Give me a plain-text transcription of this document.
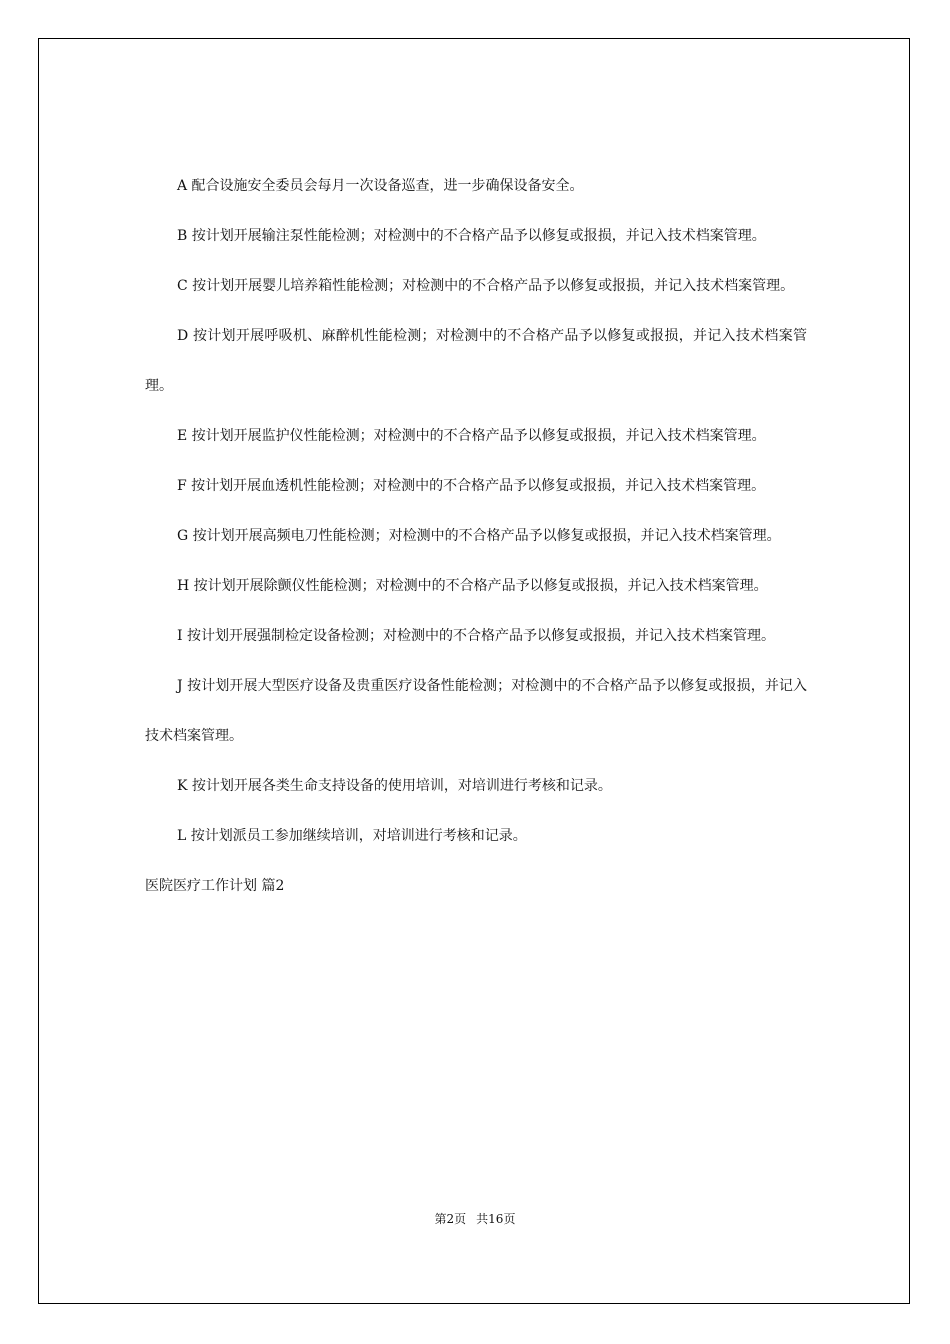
A 配合设施安全委员会每月一次设备巡查，进一步确保设备安全。

B 按计划开展输注泵性能检测；对检测中的不合格产品予以修复或报损，并记入技术档案管理。

C 按计划开展婴儿培养箱性能检测；对检测中的不合格产品予以修复或报损，并记入技术档案管理。

D 按计划开展呼吸机、麻醉机性能检测；对检测中的不合格产品予以修复或报损，并记入技术档案管理。

E 按计划开展监护仪性能检测；对检测中的不合格产品予以修复或报损，并记入技术档案管理。

F 按计划开展血透机性能检测；对检测中的不合格产品予以修复或报损，并记入技术档案管理。

G 按计划开展高频电刀性能检测；对检测中的不合格产品予以修复或报损，并记入技术档案管理。

H 按计划开展除颤仪性能检测；对检测中的不合格产品予以修复或报损，并记入技术档案管理。

I 按计划开展强制检定设备检测；对检测中的不合格产品予以修复或报损，并记入技术档案管理。

J 按计划开展大型医疗设备及贵重医疗设备性能检测；对检测中的不合格产品予以修复或报损，并记入技术档案管理。

K 按计划开展各类生命支持设备的使用培训，对培训进行考核和记录。

L 按计划派员工参加继续培训，对培训进行考核和记录。

医院医疗工作计划 篇2

第2页 共16页
